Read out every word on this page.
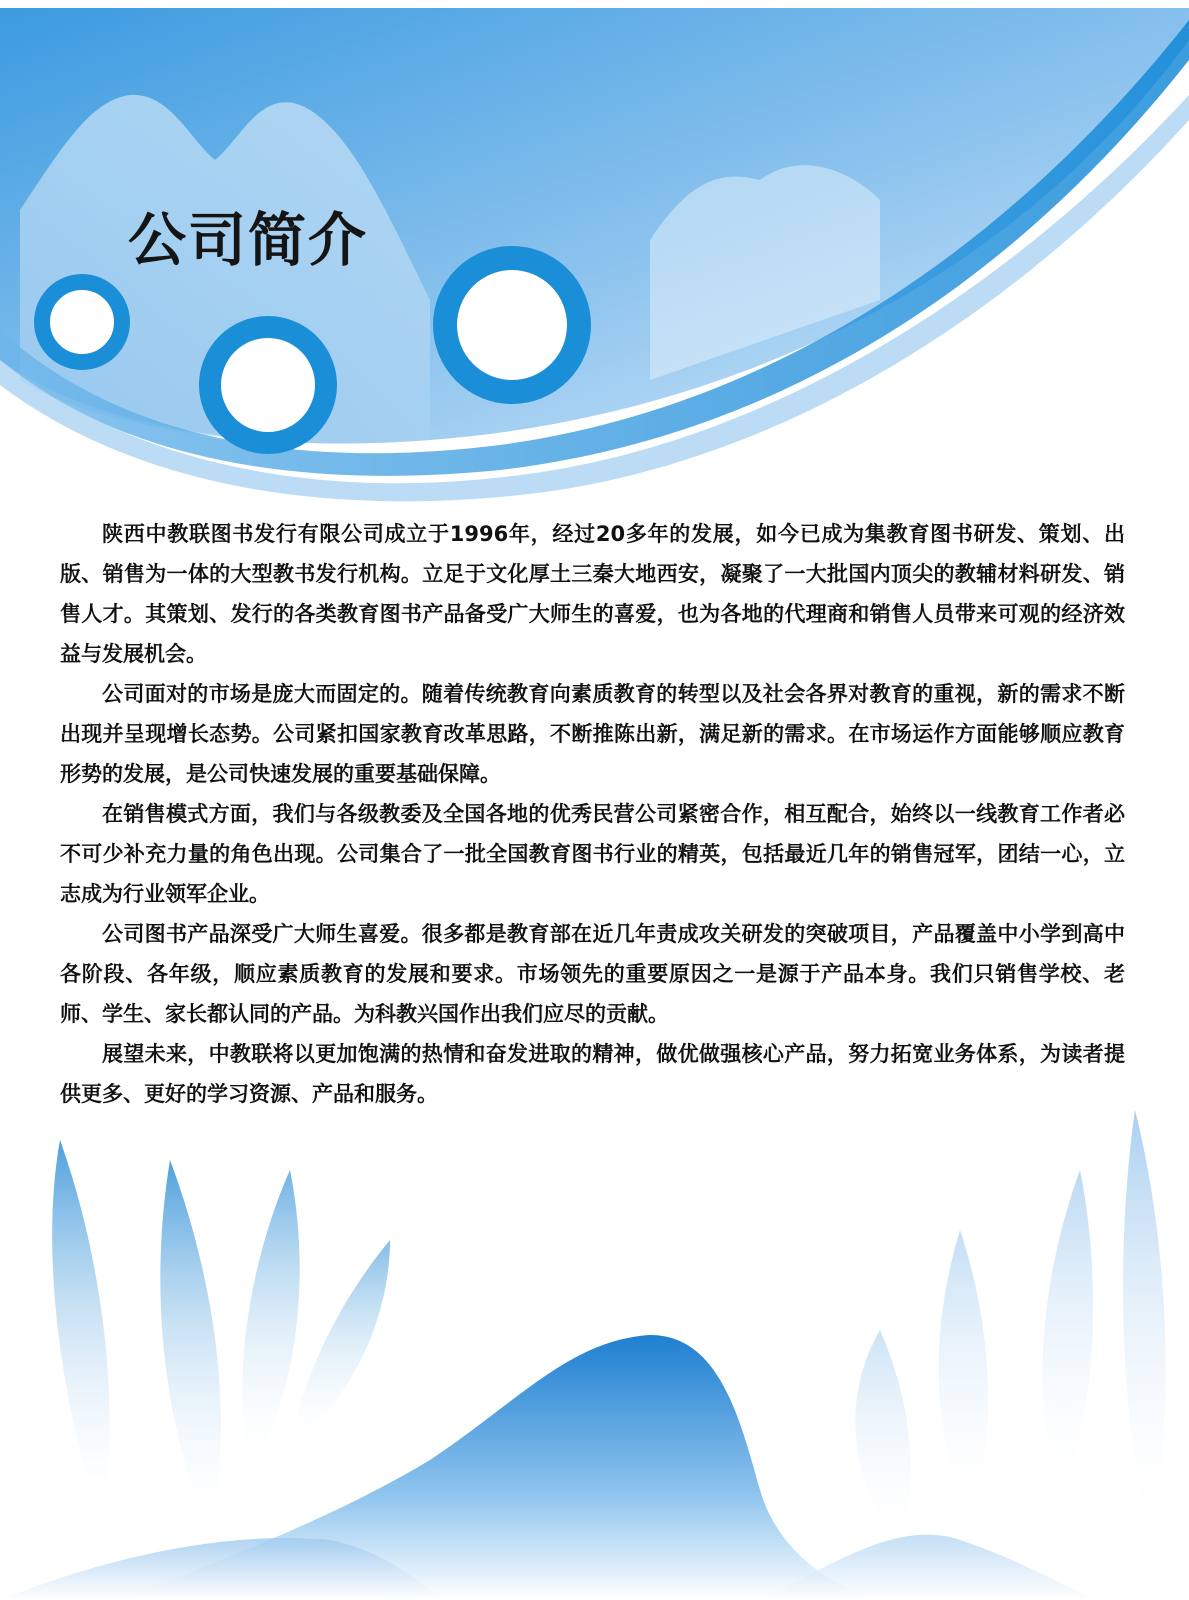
公司简介

陕西中教联图书发行有限公司成立于1996年，经过20多年的发展，如今已成为集教育图书研发、策划、出版、销售为一体的大型教书发行机构。立足于文化厚土三秦大地西安，凝聚了一大批国内顶尖的教辅材料研发、销售人才。其策划、发行的各类教育图书产品备受广大师生的喜爱，也为各地的代理商和销售人员带来可观的经济效益与发展机会。

公司面对的市场是庞大而固定的。随着传统教育向素质教育的转型以及社会各界对教育的重视，新的需求不断出现并呈现增长态势。公司紧扣国家教育改革思路，不断推陈出新，满足新的需求。在市场运作方面能够顺应教育形势的发展，是公司快速发展的重要基础保障。

在销售模式方面，我们与各级教委及全国各地的优秀民营公司紧密合作，相互配合，始终以一线教育工作者必不可少补充力量的角色出现。公司集合了一批全国教育图书行业的精英，包括最近几年的销售冠军，团结一心，立志成为行业领军企业。

公司图书产品深受广大师生喜爱。很多都是教育部在近几年责成攻关研发的突破项目，产品覆盖中小学到高中各阶段、各年级，顺应素质教育的发展和要求。市场领先的重要原因之一是源于产品本身。我们只销售学校、老师、学生、家长都认同的产品。为科教兴国作出我们应尽的贡献。

展望未来，中教联将以更加饱满的热情和奋发进取的精神，做优做强核心产品，努力拓宽业务体系，为读者提供更多、更好的学习资源、产品和服务。
